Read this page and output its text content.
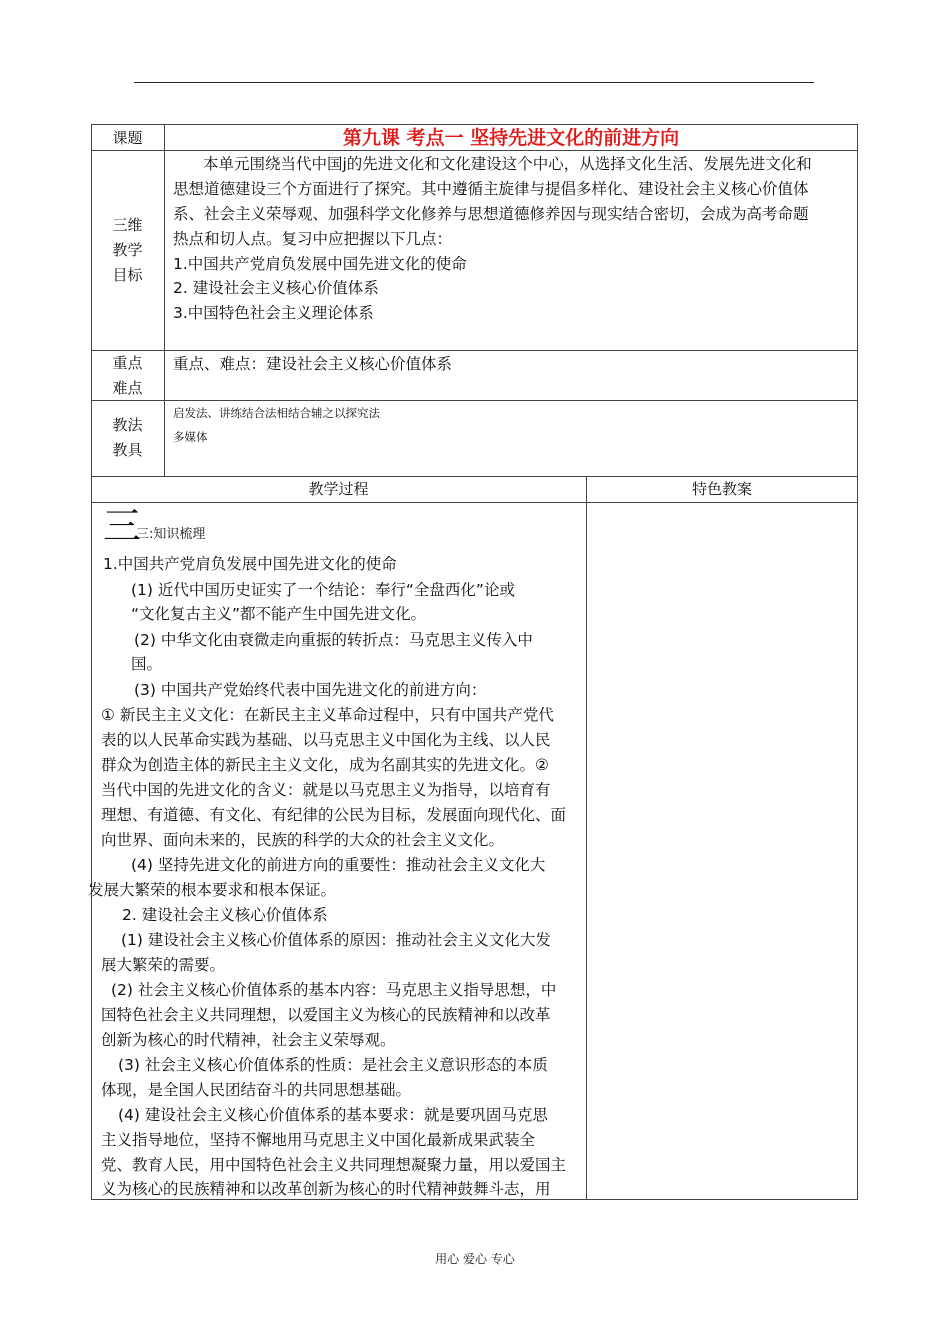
课题	第九课 考点一 坚持先进文化的前进方向
三维
教学
目标
本单元围绕当代中国j的先进文化和文化建设这个中心，从选择文化生活、发展先进文化和
思想道德建设三个方面进行了探究。其中遵循主旋律与提倡多样化、建设社会主义核心价值体
系、社会主义荣辱观、加强科学文化修养与思想道德修养因与现实结合密切，会成为高考命题
热点和切人点。复习中应把握以下几点：
1.中国共产党肩负发展中国先进文化的使命
2. 建设社会主义核心价值体系
3.中国特色社会主义理论体系
重点
难点
重点、难点：建设社会主义核心价值体系
教法
教具
启发法、讲练结合法相结合辅之以探究法
多媒体
教学过程	特色教案
三
三:知识梳理
1.中国共产党肩负发展中国先进文化的使命
(1) 近代中国历史证实了一个结论：奉行“全盘西化”论或
“文化复古主义”都不能产生中国先进文化。
(2) 中华文化由衰微走向重振的转折点：马克思主义传入中
国。
(3) 中国共产党始终代表中国先进文化的前进方向：
① 新民主主义文化：在新民主主义革命过程中，只有中国共产党代
表的以人民革命实践为基础、以马克思主义中国化为主线、以人民
群众为创造主体的新民主主义文化，成为名副其实的先进文化。②
当代中国的先进文化的含义：就是以马克思主义为指导，以培育有
理想、有道德、有文化、有纪律的公民为目标，发展面向现代化、面
向世界、面向未来的，民族的科学的大众的社会主义文化。
(4) 坚持先进文化的前进方向的重要性：推动社会主义文化大
发展大繁荣的根本要求和根本保证。
2. 建设社会主义核心价值体系
(1) 建设社会主义核心价值体系的原因：推动社会主义文化大发
展大繁荣的需要。
(2) 社会主义核心价值体系的基本内容：马克思主义指导思想，中
国特色社会主义共同理想，以爱国主义为核心的民族精神和以改革
创新为核心的时代精神，社会主义荣辱观。
(3) 社会主义核心价值体系的性质：是社会主义意识形态的本质
体现，是全国人民团结奋斗的共同思想基础。
(4) 建设社会主义核心价值体系的基本要求：就是要巩固马克思
主义指导地位，坚持不懈地用马克思主义中国化最新成果武装全
党、教育人民，用中国特色社会主义共同理想凝聚力量，用以爱国主
义为核心的民族精神和以改革创新为核心的时代精神鼓舞斗志，用
用心 爱心 专心
